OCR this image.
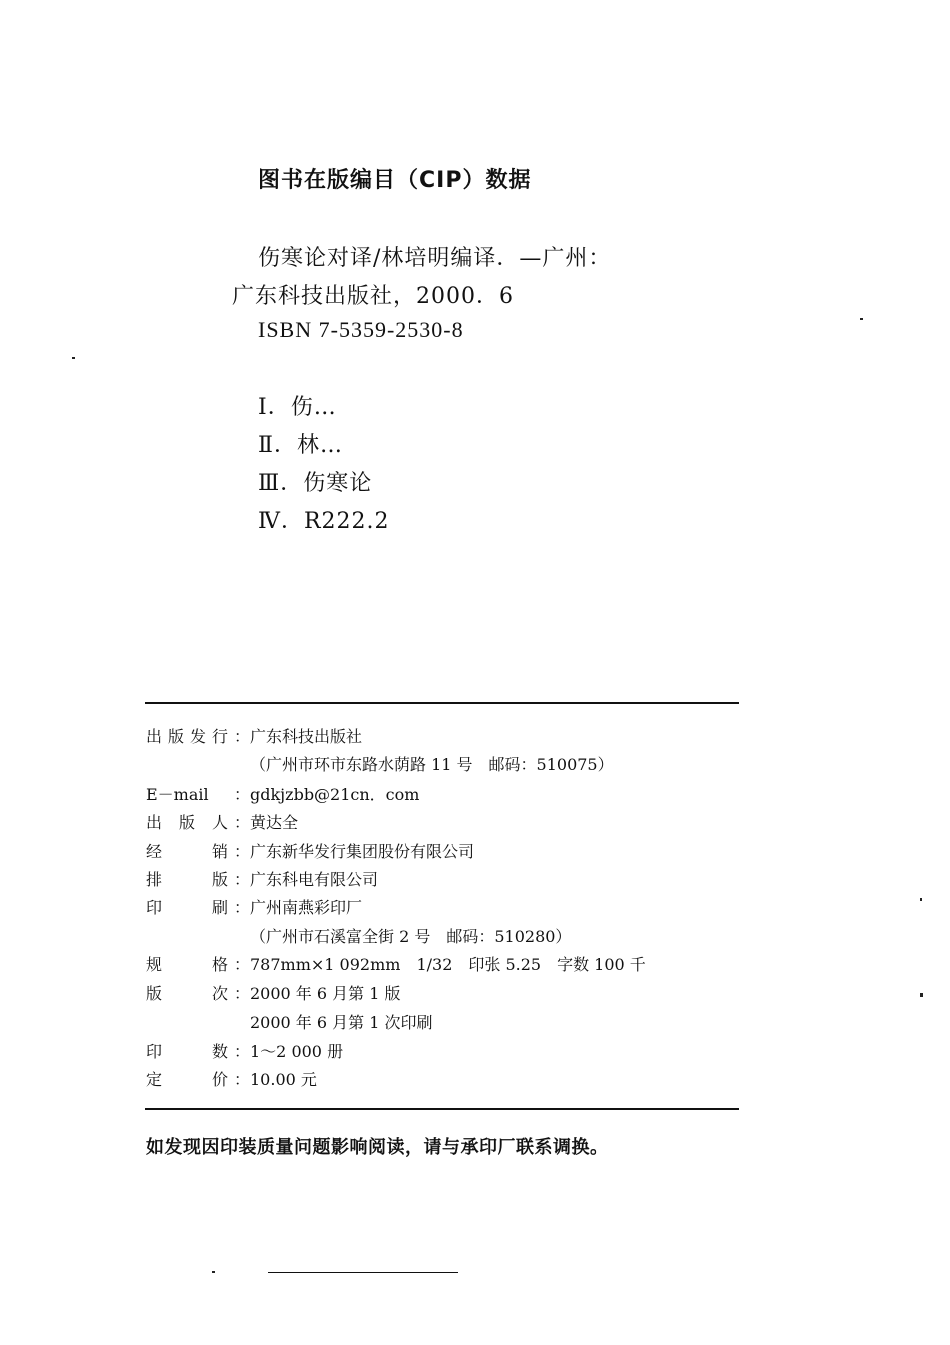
图书在版编目（CIP）数据
伤寒论对译/林培明编译．—广州：
广东科技出版社，2000．6
ISBN 7-5359-2530-8
Ⅰ．伤…
Ⅱ．林…
Ⅲ．伤寒论
Ⅳ．R222.2
出版发行：广东科技出版社
（广州市环市东路水荫路 11 号　邮码：510075）
E－mail：gdkjzbb@21cn．com
出 版 人：黄达全
经　　销：广东新华发行集团股份有限公司
排　　版：广东科电有限公司
印　　刷：广州南燕彩印厂
（广州市石溪富全街 2 号　邮码：510280）
规　　格：787mm×1 092mm　1/32　印张 5.25　字数 100 千
版　　次：2000 年 6 月第 1 版
2000 年 6 月第 1 次印刷
印　　数：1～2 000 册
定　　价：10.00 元
如发现因印装质量问题影响阅读，请与承印厂联系调换。
